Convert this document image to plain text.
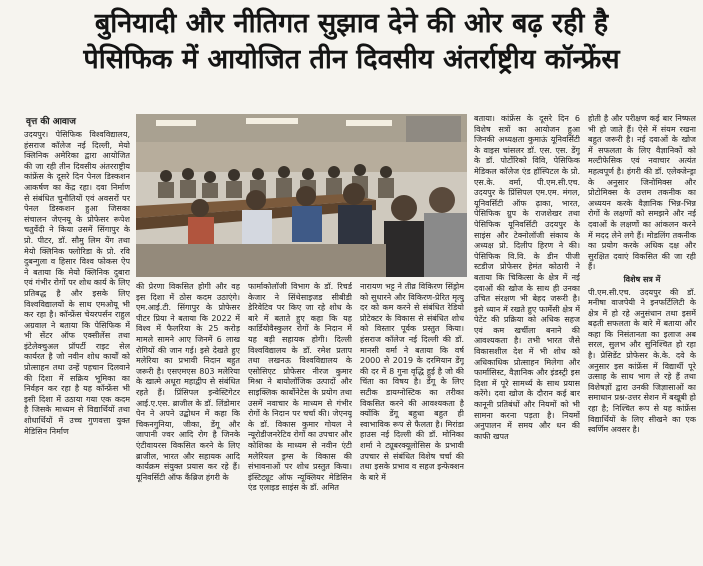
बुनियादी और नीतिगत सुझाव देने की ओर बढ़ रही है
पेसिफिक में आयोजित तीन दिवसीय अंतर्राष्ट्रीय कॉन्फ्रेंस
वृत्त की आवाज

उदयपुर। पेसिफिक विश्वविद्यालय, हंसराज कॉलेज नई दिल्ली, मेयो क्लिनिक अमेरिका द्वारा आयोजित की जा रही तीन दिवसीय अंतरराष्ट्रीय कांफ्रेंस के दूसरे दिन पेनल डिस्कशन आकर्षण का केंद्र रहा। दवा निर्माण से संबंधित चुनौतियों एवं अवसरों पर पेनल डिस्कशन हुआ जिसका संचालन जेएनयू के प्रोफेसर रूपेश चतुर्वेदी ने किया उसमें सिंगापुर के प्रो. पीटर, डॉ. सौमु लिम येंग तथा मेयो क्लिनिक फ्लोरिडा के प्रो. रवि दुबन्गुला व हिसार विश्व फोकस ऐप ने बताया कि मेयो क्लिनिक दुबारा एवं गंभीर रोगों पर शोध कार्य के लिए प्रतिबद्ध है और इसके लिए विश्वविद्यालयों के साथ एमओयू भी कर रहा है। कॉन्फ्रेंस चेयरपर्सन राहुल अग्रवाल ने बताया कि पेसिफिक में भी सेंटर ऑफ एक्सीलेंस तथा इंटेलेक्चुअल प्रॉपर्टी राइट सेल कार्यरत है जो नवीन शोध कार्यों को प्रोत्साहन तथा उन्हें पहचान दिलवाने की दिशा में सक्रिय भूमिका का निर्वहन कर रहा है यह कॉन्फ्रेंस भी इसी दिशा में उठाया गया एक कदम है जिसके माध्यम से विद्यार्थियों तथा शोधार्थियों में उच्च गुणवत्ता युक्त मेडिसिन निर्माण

की प्रेरणा विकसित होगी और वह इस दिशा में ठोस कदम उठाएंगे। एम.आई.टी. सिंगापुर के प्रोफेसर पीटर प्रिया ने बताया कि 2022 में विश्व में फैलरिया के 25 करोड़ मामले सामने आए जिनमें 6 लाख रोगियों की जान गई। इसे देखते हुए मलेरिया का प्रभावी निदान बहुत जरूरी है। एसएमएस 803 मलेरिया के खात्मे अधूरा महाद्वीप से संबंधित रहते हैं। प्रिंसिपल इन्वेस्टिगेटर आई.ए.एस. ब्राजील के डॉ. लिंडोमार पेन ने अपने उद्बोधन में कहा कि चिकनगुनिया, जीका, डेंगू और जापानी ज्वर आदि रोग है जिनके एंटीवायरस विकसित करने के लिए ब्राजील, भारत और सहायक आदि कार्यक्रम संयुक्त प्रयास कर रहे हैं। यूनिवर्सिटी ऑफ कैंब्रिज हंगरी के

फार्माकोलॉजी विभाग के डॉ. रिचर्ड केजार ने सिंथेसाइजड सीबीडी डेरिवेटिव पर किए जा रहे शोध के बारे में बताते हुए कहा कि यह कार्डियोवैस्कुलर रोगों के निदान में यह बड़ी सहायक होगी। दिल्ली विश्वविद्यालय के डॉ. रमेश प्रताप तथा लखनऊ विश्वविद्यालय के एसोसिएट प्रोफेसर नीरज कुमार मिश्रा ने बायोलॉजिक उत्पादों और साइक्लिक कार्बोनेटेस के प्रयोग तथा उसमें नवाचार के माध्यम से गंभीर रोगों के निदान पर चर्चा की। जेएनयू के डॉ. विकास कुमार गोयल ने न्यूरोडीजनरेटिव रोगों का उपचार और कोशिका के माध्यम से नवीन एंटी मलेरियल ड्रग्स के विकास की संभावनाओं पर शोध प्रस्तुत किया। इंस्टिट्यूट ऑफ न्यूक्लियर मेडिसिन एंड एलाइड साइंस के डॉ. अमित

नारायण भट्ट ने तीव्र विकिरण सिंड्रोम को सुधारने और विकिरण-प्रेरित मृत्यु दर को कम करने से संबंधित रेडियो प्रोटेक्टर के विकास से संबंधित शोध को विस्तार पूर्वक प्रस्तुत किया। हंसराज कॉलेज नई दिल्ली की डॉ. मानसी वर्मा ने बताया कि वर्ष 2000 से 2019 के दरमियान डेंगू की दर में 8 गुना वृद्धि हुई है जो की चिंता का विषय है। डेंगू के लिए सटीक डायग्नोस्टिक का तरीका विकसित करने की आवश्यकता है क्योंकि डेंगू बहुधा बहुत ही स्वाभाविक रूप से फैलता है। मिरांडा हाउस नई दिल्ली की डॉ. मोनिका शर्मा ने ट्यूबरक्यूलोसिस के प्रभावी उपचार से संबंधित विशेष चर्चा की तथा इसके प्रभाव व सहज इन्फेक्शन के बारे में

बताया। कांफ्रेंस के दूसरे दिन 6 विशेष सत्रों का आयोजन हुआ जिनकी अध्यक्षता कुमाऊं यूनिवर्सिटी के वाइस चांसलर डॉ. एस. एस. डेंगू के डॉ. पोर्टोरिको विवि, पेसिफिक मेडिकल कॉलेज एंड हॉस्पिटल के प्रो. एस.के. वर्मा, पी.एम.सी.एच. उदयपुर के प्रिंसिपल एम.एम. मंगल, यूनिवर्सिटी ऑफ ढ़ाका, भारत, पेसिफिक ग्रुप के राजशेखर तथा पेसिफिक यूनिवर्सिटी उदयपुर के साइंस और टेक्नोलॉजी संकाय के अध्यक्ष प्रो. दिलीप हिरण ने की। पेसिफिक वि.वि. के डीन पीजी स्टडीज प्रोफेसर हेमंत कोठारी ने बताया कि चिकित्सा के क्षेत्र में नई दवाओं की खोज के साथ ही उनका उचित संरक्षण भी बेहद जरूरी है। इसे ध्यान में रखते हुए फार्मेसी क्षेत्र में पेटेंट की प्रक्रिया को अधिक सहज एवं कम खर्चीला बनाने की आवश्यकता है। तभी भारत जैसे विकासशील देश में भी शोध को अधिकाधिक प्रोत्साहन मिलेगा और फार्मासिस्ट, वैज्ञानिक और इंडस्ट्री इस दिशा में पूरे सामर्थ्य के साथ प्रयास करेंगे। दवा खोज के दौरान कई बार कानूनी प्रतिबंधों और नियमों को भी सामना करना पड़ता है। नियमों अनुपालन में समय और धन की काफी खपत

होती है और परीक्षण कई बार निष्फल भी हो जाते हैं। ऐसे में संयम रखना बहुत जरूरी है। नई दवाओं के खोज में सफलता के लिए वैज्ञानिकों को मल्टीफेसिक एवं नवाचार अत्यंत महत्वपूर्ण है। हंगरी की डॉ. एलेक्जेन्ड्रा के अनुसार जिनोमिक्स और प्रोटोमिक्स के उत्तम तकनीक का अध्ययन करके वैज्ञानिक भिन्न-भिन्न रोगों के लक्षणों को समझने और नई दवाओं के लक्षणों का आंकलन करने में मदद लेने लगे हैं। मोडलिंग तकनीक का प्रयोग करके अधिक दक्ष और सुरक्षित दवाएं विकसित की जा रही हैं।

विशेष सत्र में

पी.एम.सी.एच. उदयपुर की डॉ. मनीषा वाजपेयी ने इनफर्टिलिटी के क्षेत्र में हो रहे अनुसंधान तथा इसमें बढ़ती सफलता के बारे में बताया और कहा कि निसंतानता का इलाज अब सरल, सुलभ और सुनिश्चित हो रहा है। प्रेसिडेंट प्रोफेसर के.के. दवे के अनुसार इस कांफ्रेंस में विद्यार्थी पूरे उत्साह के साथ भाग ले रहे हैं तथा विशेषज्ञों द्वारा उनकी जिज्ञासाओं का समाधान प्रश्न-उत्तर सेशन में बखूबी हो रहा है; निश्चित रूप से यह कांफ्रेंस विद्यार्थियों के लिए सीखने का एक स्वर्णिम अवसर है।
